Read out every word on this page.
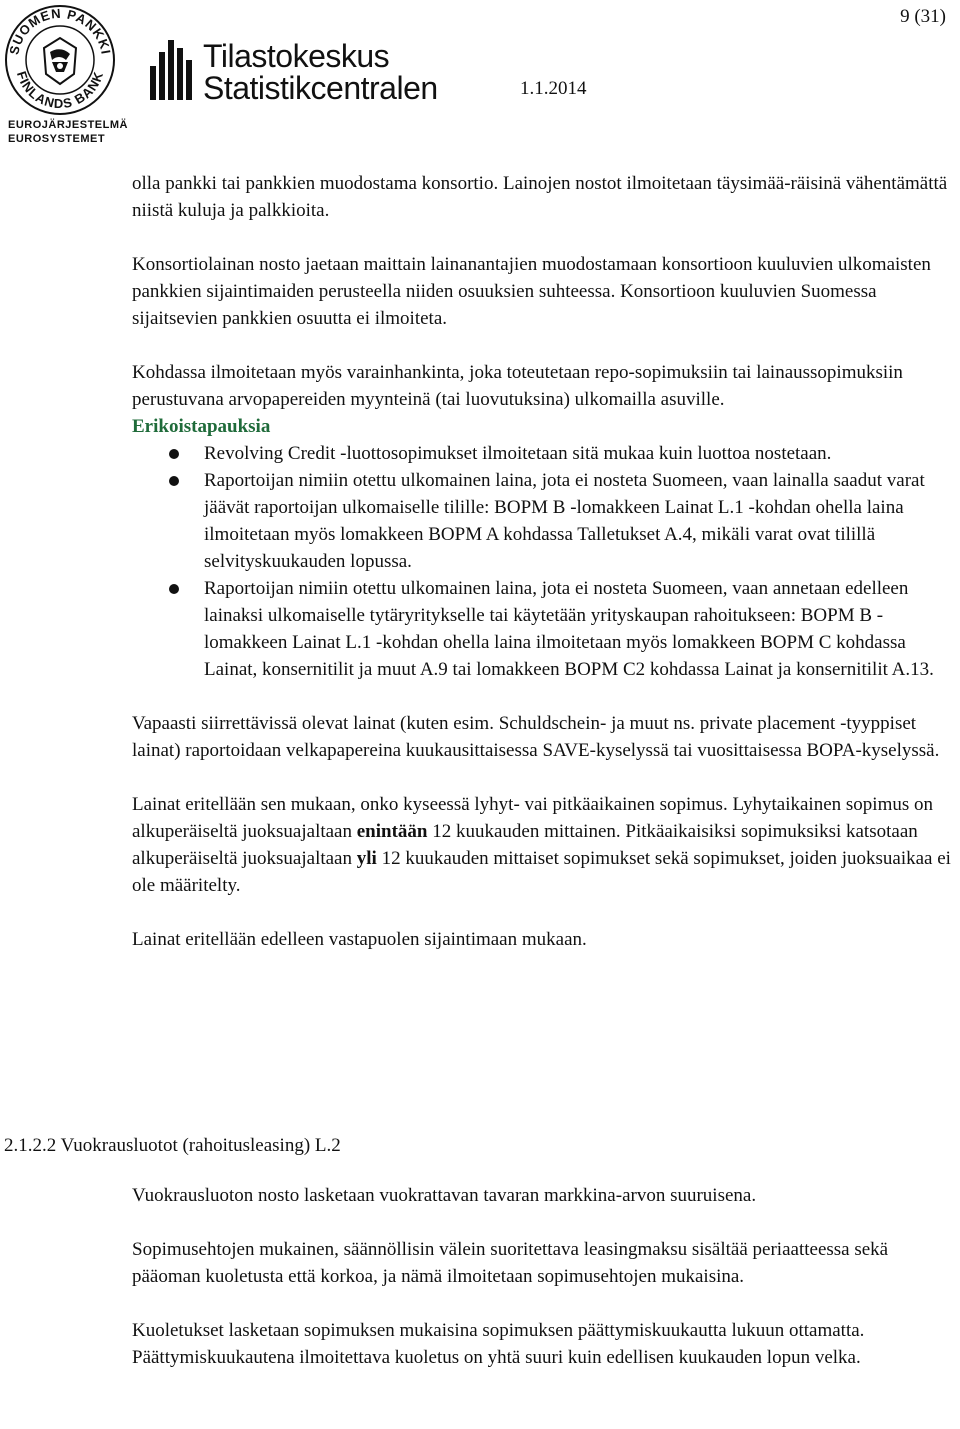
SUOMEN PANKKI
FINLANDS BANK
EUROJÄRJESTELMÄ
EUROSYSTEMET
Tilastokeskus
Statistikcentralen	1.1.2014
9 (31)

olla pankki tai pankkien muodostama konsortio. Lainojen nostot ilmoitetaan täysimää-räisinä vähentämättä niistä kuluja ja palkkioita.

Konsortiolainan nosto jaetaan maittain lainanantajien muodostamaan konsortioon kuuluvien ulkomaisten pankkien sijaintimaiden perusteella niiden osuuksien suhteessa. Konsortioon kuuluvien Suomessa sijaitsevien pankkien osuutta ei ilmoiteta.

Kohdassa ilmoitetaan myös varainhankinta, joka toteutetaan repo-sopimuksiin tai lainaussopimuksiin perustuvana arvopapereiden myynteinä (tai luovutuksina) ulkomailla asuville.

Erikoistapauksia

Revolving Credit -luottosopimukset ilmoitetaan sitä mukaa kuin luottoa nostetaan.
Raportoijan nimiin otettu ulkomainen laina, jota ei nosteta Suomeen, vaan lainalla saadut varat jäävät raportoijan ulkomaiselle tilille: BOPM B -lomakkeen Lainat L.1 -kohdan ohella laina ilmoitetaan myös lomakkeen BOPM A kohdassa Talletukset A.4, mikäli varat ovat tilillä selvityskuukauden lopussa.
Raportoijan nimiin otettu ulkomainen laina, jota ei nosteta Suomeen, vaan annetaan edelleen lainaksi ulkomaiselle tytäryritykselle tai käytetään yrityskaupan rahoitukseen: BOPM B -lomakkeen Lainat L.1 -kohdan ohella laina ilmoitetaan myös lomakkeen BOPM C kohdassa Lainat, konsernitilit ja muut A.9 tai lomakkeen BOPM C2 kohdassa Lainat ja konsernitilit A.13.

Vapaasti siirrettävissä olevat lainat (kuten esim. Schuldschein- ja muut ns. private placement -tyyppiset lainat) raportoidaan velkapapereina kuukausittaisessa SAVE-kyselyssä tai vuosittaisessa BOPA-kyselyssä.

Lainat eritellään sen mukaan, onko kyseessä lyhyt- vai pitkäaikainen sopimus. Lyhytaikainen sopimus on alkuperäiseltä juoksuajaltaan enintään 12 kuukauden mittainen. Pitkäaikaisiksi sopimuksiksi katsotaan alkuperäiseltä juoksuajaltaan yli 12 kuukauden mittaiset sopimukset sekä sopimukset, joiden juoksuaikaa ei ole määritelty.

Lainat eritellään edelleen vastapuolen sijaintimaan mukaan.

2.1.2.2 Vuokrausluotot (rahoitusleasing) L.2

Vuokrausluoton nosto lasketaan vuokrattavan tavaran markkina-arvon suuruisena.

Sopimusehtojen mukainen, säännöllisin välein suoritettava leasingmaksu sisältää periaatteessa sekä pääoman kuoletusta että korkoa, ja nämä ilmoitetaan sopimusehtojen mukaisina.

Kuoletukset lasketaan sopimuksen mukaisina sopimuksen päättymiskuukautta lukuun ottamatta. Päättymiskuukautena ilmoitettava kuoletus on yhtä suuri kuin edellisen kuukauden lopun velka.
